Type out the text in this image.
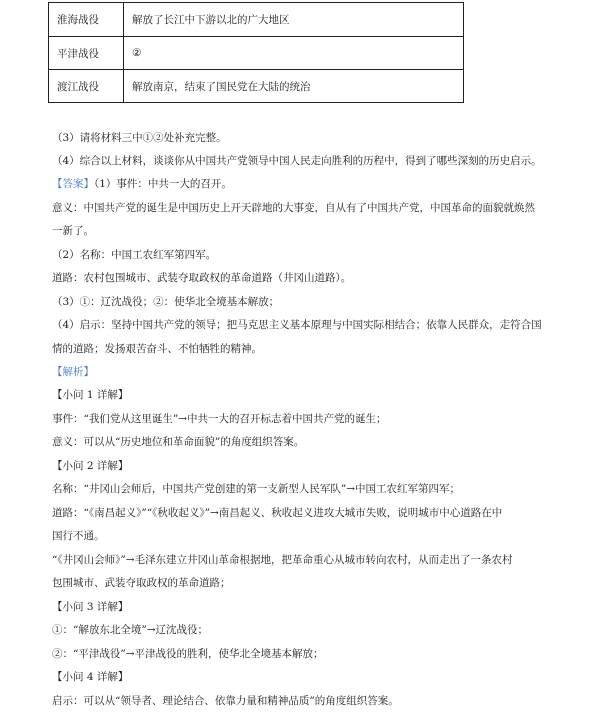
淮海战役	解放了长江中下游以北的广大地区
平津战役	②
渡江战役	解放南京，结束了国民党在大陆的统治
（3）请将材料三中①②处补充完整。
（4）综合以上材料，谈谈你从中国共产党领导中国人民走向胜利的历程中，得到了哪些深刻的历史启示。
【答案】（1）事件：中共一大的召开。
意义：中国共产党的诞生是中国历史上开天辟地的大事变，自从有了中国共产党，中国革命的面貌就焕然
一新了。
（2）名称：中国工农红军第四军。
道路：农村包围城市、武装夺取政权的革命道路（井冈山道路）。
（3）①：辽沈战役；②：使华北全境基本解放；
（4）启示：坚持中国共产党的领导；把马克思主义基本原理与中国实际相结合；依靠人民群众，走符合国
情的道路；发扬艰苦奋斗、不怕牺牲的精神。
【解析】
【小问 1 详解】
事件：“我们党从这里诞生”→中共一大的召开标志着中国共产党的诞生；
意义：可以从“历史地位和革命面貌”的角度组织答案。
【小问 2 详解】
名称：“井冈山会师后，中国共产党创建的第一支新型人民军队”→中国工农红军第四军；
道路：“《南昌起义》”“《秋收起义》”→南昌起义、秋收起义进攻大城市失败，说明城市中心道路在中
国行不通。
“《井冈山会师》”→毛泽东建立井冈山革命根据地，把革命重心从城市转向农村，从而走出了一条农村
包围城市、武装夺取政权的革命道路；
【小问 3 详解】
①：“解放东北全境”→辽沈战役；
②：“平津战役”→平津战役的胜利，使华北全境基本解放；
【小问 4 详解】
启示：可以从“领导者、理论结合、依靠力量和精神品质”的角度组织答案。
